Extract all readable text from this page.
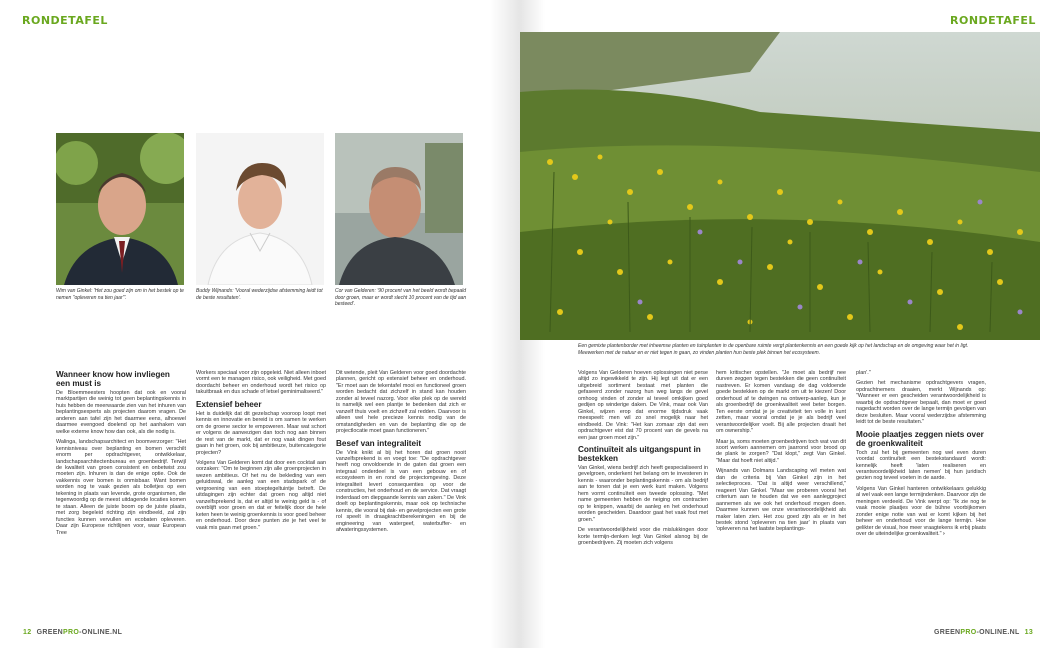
RONDETAFEL
Wim van Ginkel: 'Het zou goed zijn om in het bestek op te nemen "opleveren na tien jaar"'.
Buddy Wijnands: 'Vooral wederzijdse afstemming leidt tot de beste resultaten'.
Cor van Gelderen: '90 procent van het beeld wordt bepaald door groen, maar er wordt slecht 10 procent van de tijd aan besteed'.
Wanneer know how invliegen een must is

De Bloemmeesters hoopten dat ook en vooral marktpartijen die weinig tot geen beplantingskennis in huis hebben de meerwaarde zien van het inhuren van beplantingsexperts als projecten daarom vragen. De anderen aan tafel zijn het daarmee eens, alhoewel daarmee evengoed doelend op het aanhaken van welke externe know how dan ook, als die nodig is.

Walinga, landschapsarchitect en boomverzorger: "Het kennisniveau over beplanting en bomen verschilt enorm per opdrachtgever, ontwikkelaar, landschapsarchitectenbureau en groenbedrijf. Terwijl de kwaliteit van groen consistent en onbetwist zou moeten zijn. Inhuren is dan de enige optie. Ook de vakkennis over bomen is onmisbaar. Want bomen worden nog te vaak gezien als bolletjes op een tekening in plaats van levende, grote organismen, die tegenwoordig op de meest uitdagende locaties komen te staan. Alleen de juiste boom op de juiste plaats, met zorg begeleid richting zijn eindbeeld, zal zijn functies kunnen vervullen en ecobaten opleveren. Daar zijn Europese richtlijnen voor, waar European Tree

Workers speciaal voor zijn opgeleid. Niet alleen inboet vormt een te managen risico, ook veiligheid. Met goed doordacht beheer en onderhoud wordt het risico op takuitbraak en dus schade of letsel geminimaliseerd."

Extensief beheer

Het is duidelijk dat dit gezelschap vooroop loopt met kennis en innovatie en bereid is om samen te werken om de groene sector te empoweren. Maar wat schort er volgens de aanwezigen dan toch nog aan binnen de rest van de markt, dat er nog vaak dingen fout gaan in het groen, ook bij ambitieuze, buitencategorie projecten?

Volgens Van Gelderen komt dat door een cocktail aan oorzaken: "Om te beginnen zijn alle groenprojecten in wezen ambitieus. Of het nu de bekleding van een geluidswal, de aanleg van een stadspark of de vergroening van een stoeptegeltuintje betreft. De uitdagingen zijn echter dat groen nog altijd niet vanzelfsprekend is, dat er altijd te weinig geld is - of overblijft voor groen en dat er feitelijk door de hele keten heen te weinig groenkennis is voor goed beheer en onderhoud. Door deze punten zie je het veel te vaak mis gaan met groen."

Dit wetende, pleit Van Gelderen voor goed doordachte plannen, gericht op extensief beheer en onderhoud. "Er moet aan de tekentafel mooi en functioneel groen worden bedacht dat zichzelf in stand kan houden zonder al teveel nazorg. Voor elke plek op de wereld is namelijk wel een plantje te bedenken dat zich er vanzelf thuis voelt en zichzelf zal redden. Daarvoor is alleen wel hele precieze kennis nodig van de omstandigheden en van de beplanting die op de projectlocatie moet gaan functioneren."

Besef van integraliteit

De Vink knikt al bij het horen dat groen nooit vanzelfsprekend is en voegt toe: "De opdrachtgever heeft nog onvoldoende in de gaten dat groen een integraal onderdeel is van een gebouw en of ecosysteem in en rond de projectomgeving. Deze integraliteit levert consequenties op voor de constructies, het onderhoud en de service. Dat vraagt inderdaad om diepgaande kennis van zaken." De Vink doelt op beplantingskennis, maar ook op technische kennis, die vooral bij dak- en gevelprojecten een grote rol speelt in draagkrachtberekeningen en bij de engineering van watergeef, waterbuffer- en afwateringssystemen.

12 GREENPRO-ONLINE.NL
RONDETAFEL
Een gemixte plantenborder met inheemse planten en tuinplanten in de openbare ruimte vergt plantenkennis en een goede kijk op het landschap en de omgeving waar het in ligt. Meewerken met de natuur en er niet tegen in gaan, zo vinden planten hun beste plek binnen het ecosysteem.

Volgens Van Gelderen hoeven oplossingen niet perse altijd zo ingewikkeld te zijn. Hij legt uit dat er een uitgebreid sortiment bestaat met planten die gefaseerd zonder nazorg hun weg langs de gevel omhoog vinden of zonder al teveel omkijken goed gedijen op winderige daken. De Vink, maar ook Van Ginkel, wijzen erop dat enorme tijdsdruk vaak meespeelt: men wil zo snel mogelijk naar het eindbeeld. De Vink: "Het kan zomaar zijn dat een opdrachtgever eist dat 70 procent van de gevels na een jaar groen moet zijn."

Continuïteit als uitgangspunt in bestekken

Van Ginkel, wiens bedrijf zich heeft gespecialiseerd in gevelgroen, onderkent het belang om te investeren in kennis - waaronder beplantingskennis - om als bedrijf aan te tonen dat je een werk kunt maken. Volgens hem vormt continuïteit een tweede oplossing. "Met name gemeenten hebben de neiging om contracten op te knippen, waarbij de aanleg en het onderhoud worden gescheiden. Daardoor gaat het vaak fout met groen."

De verantwoordelijkheid voor die mislukkingen door korte termijn-denken legt Van Ginkel alsnog bij de groenbedrijven. Zij moeten zich volgens

hem kritischer opstellen. "Je moet als bedrijf nee durven zeggen tegen bestekken die geen continuïteit nastreven. Er komen vandaag de dag voldoende goede bestekken op de markt om uit te kiezen! Door onderhoud af te dwingen na ontwerp-aanleg, kun je als groenbedrijf de groenkwaliteit veel beter borgen. Ten eerste omdat je je creativiteit ten volle in kunt zetten, maar vooral omdat je je als bedrijf veel verantwoordelijker voelt. Bij alle projecten draait het om ownership."

Maar ja, soms moeten groenbedrijven toch wat van dit soort werken aannemen om jaarrond voor brood op de plank te zorgen? "Dat klopt," zegt Van Ginkel. "Maar dat hoeft niet altijd."

Wijnands van Dolmans Landscaping wil meten wat dan de criteria bij Van Ginkel zijn in het selectieproces. "Dat is altijd weer verschillend," reageert Van Ginkel. "Maar we proberen vooral het criterium aan te houden dat we een aanleggroject aannemen als we ook het onderhoud mogen doen. Daarmee kunnen we onze verantwoordelijkheid als maker laten zien. Het zou goed zijn als er in het bestek stond 'opleveren na tien jaar' in plaats van 'opleveren na het laatste beplantings-

plan'."

Gezien het mechanisme opdrachtgevers vragen, opdrachtnemers draaien, merkt Wijnands op: "Wanneer er een gescheiden verantwoordelijkheid is waarbij de opdrachtgever bepaalt, dan moet er goed nagedacht worden over de lange termijn gevolgen van deze besluiten. Maar vooral wederzijdse afstemming leidt tot de beste resultaten."

Mooie plaatjes zeggen niets over de groenkwaliteit

Toch zal het bij gemeenten nog wel even duren voordat continuïteit een bestekstandaard wordt: kennelijk heeft 'laten realiseren en verantwoordelijkheid laten nemen' bij hun juridisch gezien nog teveel voeten in de aarde.

Volgens Van Ginkel hanteren ontwikkelaars gelukkig al wel vaak een lange termijndenken. Daarvoor zijn de meningen verdeeld. De Vink werpt op: "Ik zie nog te vaak mooie plaatjes voor de bühne voorbijkomen zonder enige notie van wat er komt kijken bij het beheer en onderhoud voor de lange termijn. Hoe gelikter de visual, hoe meer vraagtekens ik erbij plaats over de uiteindelijke groenkwaliteit." ›

GREENPRO-ONLINE.NL 13
